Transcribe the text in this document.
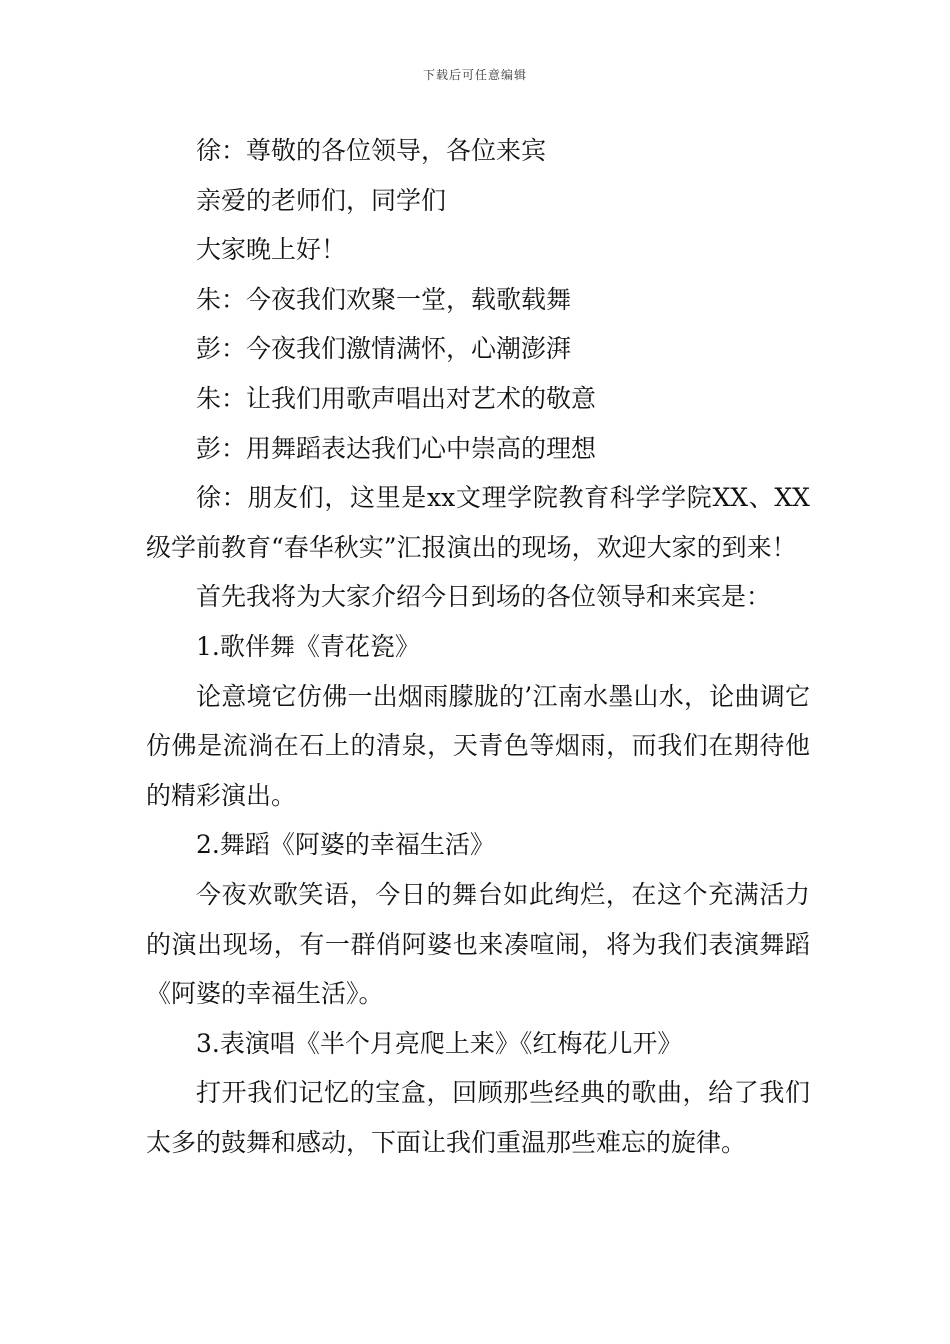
下载后可任意编辑

徐：尊敬的各位领导，各位来宾

亲爱的老师们，同学们

大家晚上好！

朱：今夜我们欢聚一堂，载歌载舞

彭：今夜我们激情满怀，心潮澎湃

朱：让我们用歌声唱出对艺术的敬意

彭：用舞蹈表达我们心中崇高的理想

徐：朋友们，这里是xx文理学院教育科学学院XX、XX级学前教育“春华秋实”汇报演出的现场，欢迎大家的到来！

首先我将为大家介绍今日到场的各位领导和来宾是：

1.歌伴舞《青花瓷》

论意境它仿佛一出烟雨朦胧的’江南水墨山水，论曲调它仿佛是流淌在石上的清泉，天青色等烟雨，而我们在期待他的精彩演出。

2.舞蹈《阿婆的幸福生活》

今夜欢歌笑语，今日的舞台如此绚烂，在这个充满活力的演出现场，有一群俏阿婆也来凑喧闹，将为我们表演舞蹈《阿婆的幸福生活》。

3.表演唱《半个月亮爬上来》《红梅花儿开》

打开我们记忆的宝盒，回顾那些经典的歌曲，给了我们太多的鼓舞和感动，下面让我们重温那些难忘的旋律。
